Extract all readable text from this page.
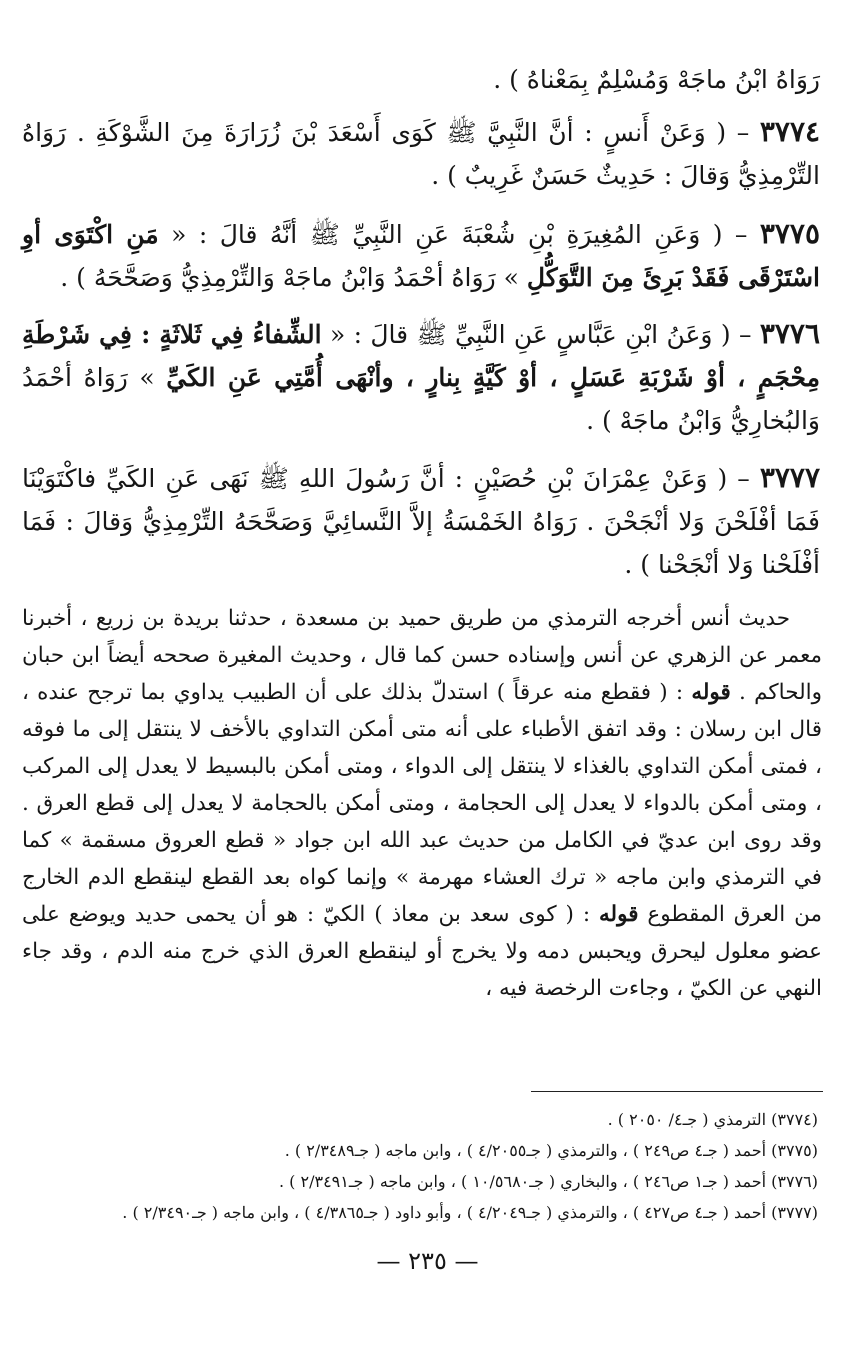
رَوَاهُ ابْنُ ماجَهْ وَمُسْلِمٌ بِمَعْناهُ ) .
٣٧٧٤ – ( وَعَنْ أَنسٍ : أنَّ النَّبِيَّ ﷺ كَوَى أَسْعَدَ بْنَ زُرَارَةَ مِنَ الشَّوْكَةِ . رَوَاهُ التِّرْمِذِيُّ وَقالَ : حَدِيثٌ حَسَنٌ غَرِيبٌ ) .
٣٧٧٥ – ( وَعَنِ المُغِيرَةِ بْنِ شُعْبَةَ عَنِ النَّبِيِّ ﷺ أنَّهُ قالَ : « مَنِ اكْتَوَى أوِ اسْتَرْقَى فَقَدْ بَرِئَ مِنَ التَّوَكُّلِ » رَوَاهُ أحْمَدُ وَابْنُ ماجَهْ وَالتِّرْمِذِيُّ وَصَحَّحَهُ ) .
٣٧٧٦ – ( وَعَنُ ابْنِ عَبَّاسٍ عَنِ النَّبِيِّ ﷺ قالَ : « الشِّفاءُ فِي ثَلاثَةٍ : فِي شَرْطَةِ مِحْجَمٍ ، أوْ شَرْبَةِ عَسَلٍ ، أوْ كَيَّةٍ بِنارٍ ، وأنْهَى أُمَّتِي عَنِ الكَيِّ » رَوَاهُ أحْمَدُ وَالبُخارِيُّ وَابْنُ ماجَهْ ) .
٣٧٧٧ – ( وَعَنْ عِمْرَانَ بْنِ حُصَيْنٍ : أنَّ رَسُولَ اللهِ ﷺ نَهَى عَنِ الكَيِّ فاكْتَوَيْنَا فَمَا أفْلَحْنَ وَلا أنْجَحْنَ . رَوَاهُ الخَمْسَةُ إلاَّ النَّسائِيَّ وَصَحَّحَهُ التِّرْمِذِيُّ وَقالَ : فَمَا أفْلَحْنا وَلا أنْجَحْنا ) .
حديث أنس أخرجه الترمذي من طريق حميد بن مسعدة ، حدثنا بريدة بن زريع ، أخبرنا معمر عن الزهري عن أنس وإسناده حسن كما قال ، وحديث المغيرة صححه أيضاً ابن حبان والحاكم . قوله : ( فقطع منه عرقاً ) استدلّ بذلك على أن الطبيب يداوي بما ترجح عنده ، قال ابن رسلان : وقد اتفق الأطباء على أنه متى أمكن التداوي بالأخف لا ينتقل إلى ما فوقه ، فمتى أمكن التداوي بالغذاء لا ينتقل إلى الدواء ، ومتى أمكن بالبسيط لا يعدل إلى المركب ، ومتى أمكن بالدواء لا يعدل إلى الحجامة ، ومتى أمكن بالحجامة لا يعدل إلى قطع العرق . وقد روى ابن عديّ في الكامل من حديث عبد الله ابن جواد « قطع العروق مسقمة » كما في الترمذي وابن ماجه « ترك العشاء مهرمة » وإنما كواه بعد القطع لينقطع الدم الخارج من العرق المقطوع قوله : ( كوى سعد بن معاذ ) الكيّ : هو أن يحمى حديد ويوضع على عضو معلول ليحرق ويحبس دمه ولا يخرج أو لينقطع العرق الذي خرج منه الدم ، وقد جاء النهي عن الكيّ ، وجاءت الرخصة فيه ،
(٣٧٧٤) الترمذي ( جـ٤/ ٢٠٥٠ ) .
(٣٧٧٥) أحمد ( جـ٤ ص٢٤٩ ) ، والترمذي ( جـ٤/٢٠٥٥ ) ، وابن ماجه ( جـ٢/٣٤٨٩ ) .
(٣٧٧٦) أحمد ( جـ١ ص٢٤٦ ) ، والبخاري ( جـ١٠/٥٦٨٠ ) ، وابن ماجه ( جـ٢/٣٤٩١ ) .
(٣٧٧٧) أحمد ( جـ٤ ص٤٢٧ ) ، والترمذي ( جـ٤/٢٠٤٩ ) ، وأبو داود ( جـ٤/٣٨٦٥ ) ، وابن ماجه ( جـ٢/٣٤٩٠ ) .
— ٢٣٥ —
